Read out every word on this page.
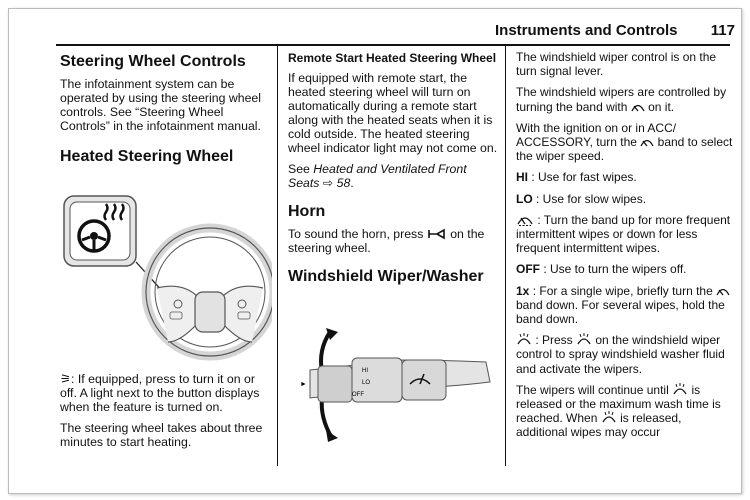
Instruments and Controls 117
Steering Wheel Controls

The infotainment system can be operated by using the steering wheel controls. See “Steering Wheel Controls” in the infotainment manual.

Heated Steering Wheel

⚞: If equipped, press to turn it on or off. A light next to the button displays when the feature is turned on.

The steering wheel takes about three minutes to start heating.

Remote Start Heated Steering Wheel

If equipped with remote start, the heated steering wheel will turn on automatically during a remote start along with the heated seats when it is cold outside. The heated steering wheel indicator light may not come on.

See Heated and Ventilated Front Seats ⇨ 58.

Horn

To sound the horn, press on the steering wheel.

Windshield Wiper/Washer
►
HI
LO
OFF

The windshield wiper control is on the turn signal lever.

The windshield wipers are controlled by turning the band with on it.

With the ignition on or in ACC/ ACCESSORY, turn the band to select the wiper speed.

HI : Use for fast wipes.

LO : Use for slow wipes.

: Turn the band up for more frequent intermittent wipes or down for less frequent intermittent wipes.

OFF : Use to turn the wipers off.

1x : For a single wipe, briefly turn the  band down. For several wipes, hold the band down.

: Press on the windshield wiper control to spray windshield washer fluid and activate the wipers.

The wipers will continue until is released or the maximum wash time is reached. When is released, additional wipes may occur
